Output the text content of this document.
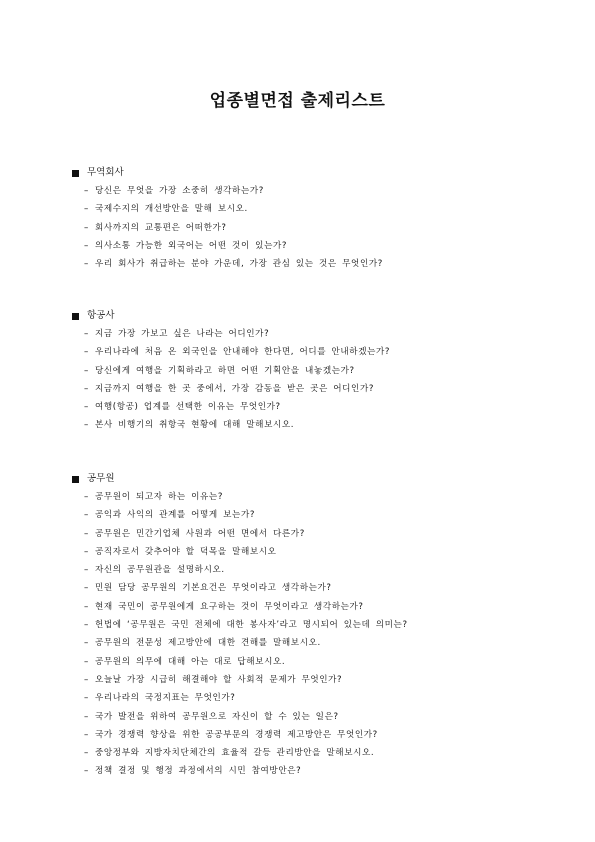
업종별면접 출제리스트
무역회사
– 당신은 무엇을 가장 소중히 생각하는가?
– 국제수지의 개선방안을 말해 보시오.
– 회사까지의 교통편은 어떠한가?
– 의사소통 가능한 외국어는 어떤 것이 있는가?
– 우리 회사가 취급하는 분야 가운데, 가장 관심 있는 것은 무엇인가?
항공사
– 지금 가장 가보고 싶은 나라는 어디인가?
– 우리나라에 처음 온 외국인을 안내해야 한다면, 어디를 안내하겠는가?
– 당신에게 여행을 기획하라고 하면 어떤 기획안을 내놓겠는가?
– 지금까지 여행을 한 곳 중에서, 가장 감동을 받은 곳은 어디인가?
– 여행(항공) 업계를 선택한 이유는 무엇인가?
– 본사 비행기의 취항국 현황에 대해 말해보시오.
공무원
– 공무원이 되고자 하는 이유는?
– 공익과 사익의 관계를 어떻게 보는가?
– 공무원은 민간기업체 사원과 어떤 면에서 다른가?
– 공직자로서 갖추어야 할 덕목을 말해보시오
– 자신의 공무원관을 설명하시오.
– 민원 담당 공무원의 기본요건은 무엇이라고 생각하는가?
– 현재 국민이 공무원에게 요구하는 것이 무엇이라고 생각하는가?
– 헌법에 ‘공무원은 국민 전체에 대한 봉사자’라고 명시되어 있는데 의미는?
– 공무원의 전문성 제고방안에 대한 견해를 말해보시오.
– 공무원의 의무에 대해 아는 대로 답해보시오.
– 오늘날 가장 시급히 해결해야 할 사회적 문제가 무엇인가?
– 우리나라의 국정지표는 무엇인가?
– 국가 발전을 위하여 공무원으로 자신이 할 수 있는 일은?
– 국가 경쟁력 향상을 위한 공공부문의 경쟁력 제고방안은 무엇인가?
– 중앙정부와 지방자치단체간의 효율적 갈등 관리방안을 말해보시오.
– 정책 결정 및 행정 과정에서의 시민 참여방안은?
